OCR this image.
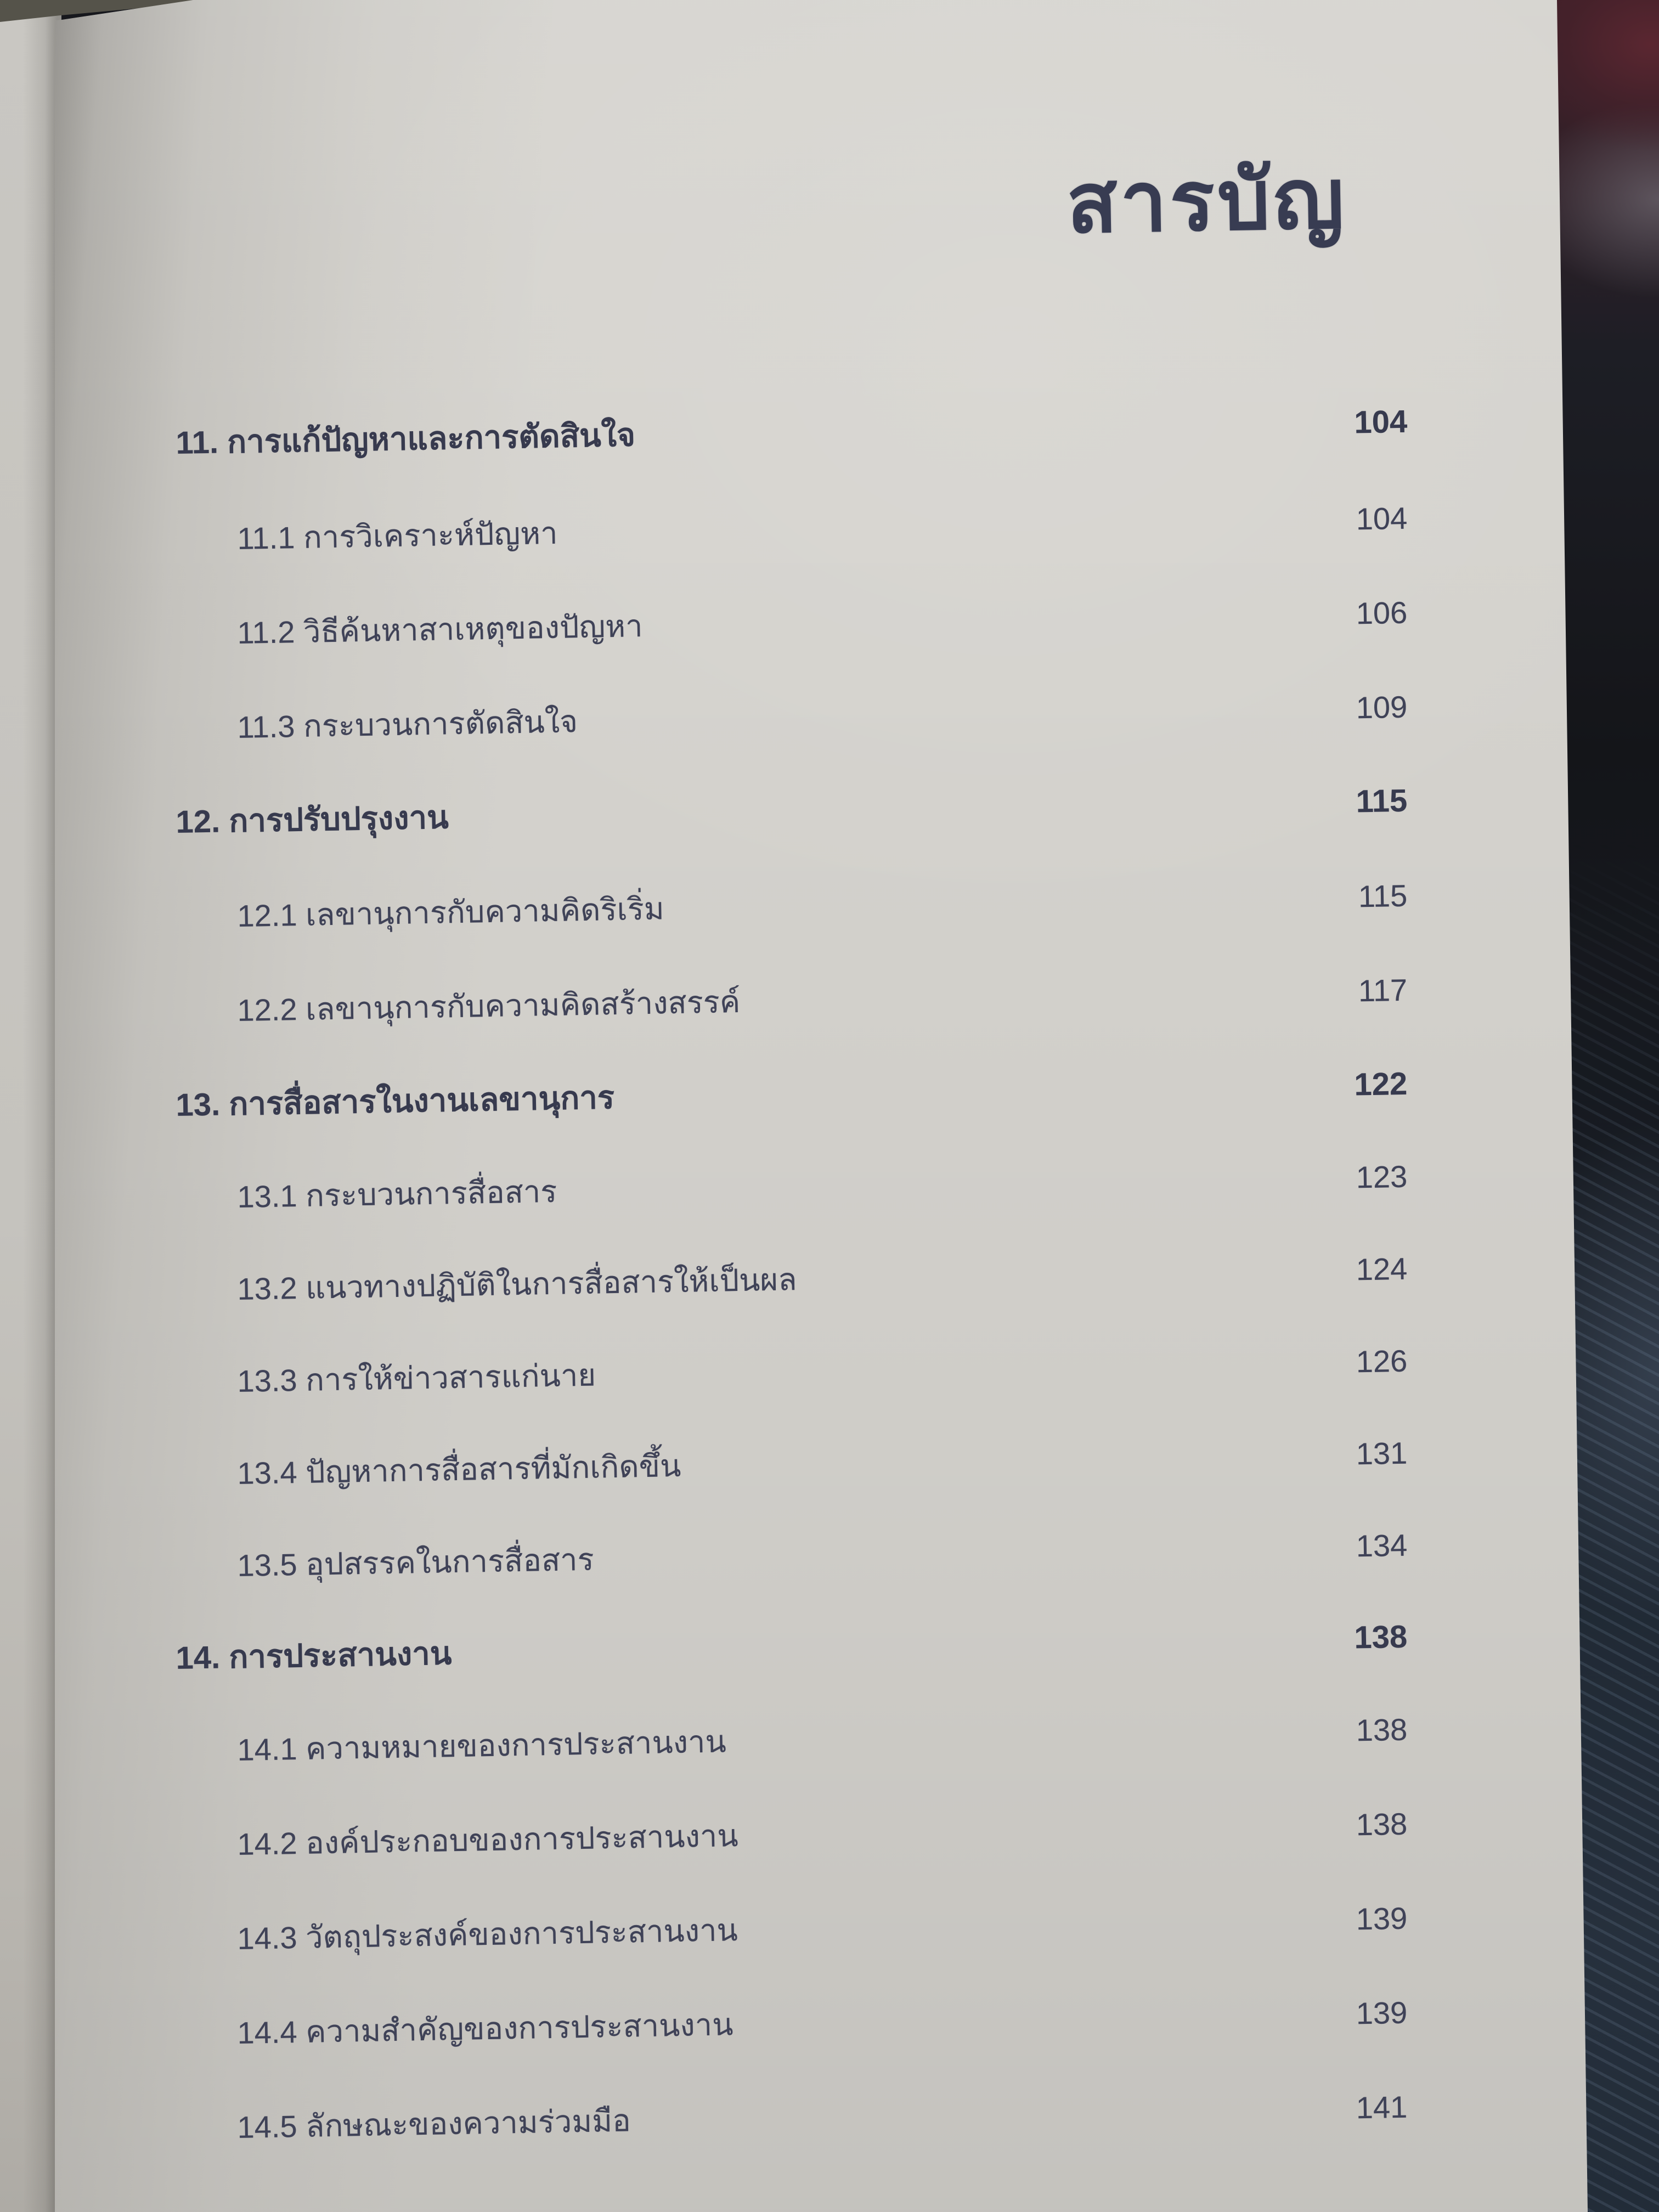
สารบัญ
11. การแก้ปัญหาและการตัดสินใจ	104
11.1 การวิเคราะห์ปัญหา	104
11.2 วิธีค้นหาสาเหตุของปัญหา	106
11.3 กระบวนการตัดสินใจ	109
12. การปรับปรุงงาน	115
12.1 เลขานุการกับความคิดริเริ่ม	115
12.2 เลขานุการกับความคิดสร้างสรรค์	117
13. การสื่อสารในงานเลขานุการ	122
13.1 กระบวนการสื่อสาร	123
13.2 แนวทางปฏิบัติในการสื่อสารให้เป็นผล	124
13.3 การให้ข่าวสารแก่นาย	126
13.4 ปัญหาการสื่อสารที่มักเกิดขึ้น	131
13.5 อุปสรรคในการสื่อสาร	134
14. การประสานงาน	138
14.1 ความหมายของการประสานงาน	138
14.2 องค์ประกอบของการประสานงาน	138
14.3 วัตถุประสงค์ของการประสานงาน	139
14.4 ความสำคัญของการประสานงาน	139
14.5 ลักษณะของความร่วมมือ	141
